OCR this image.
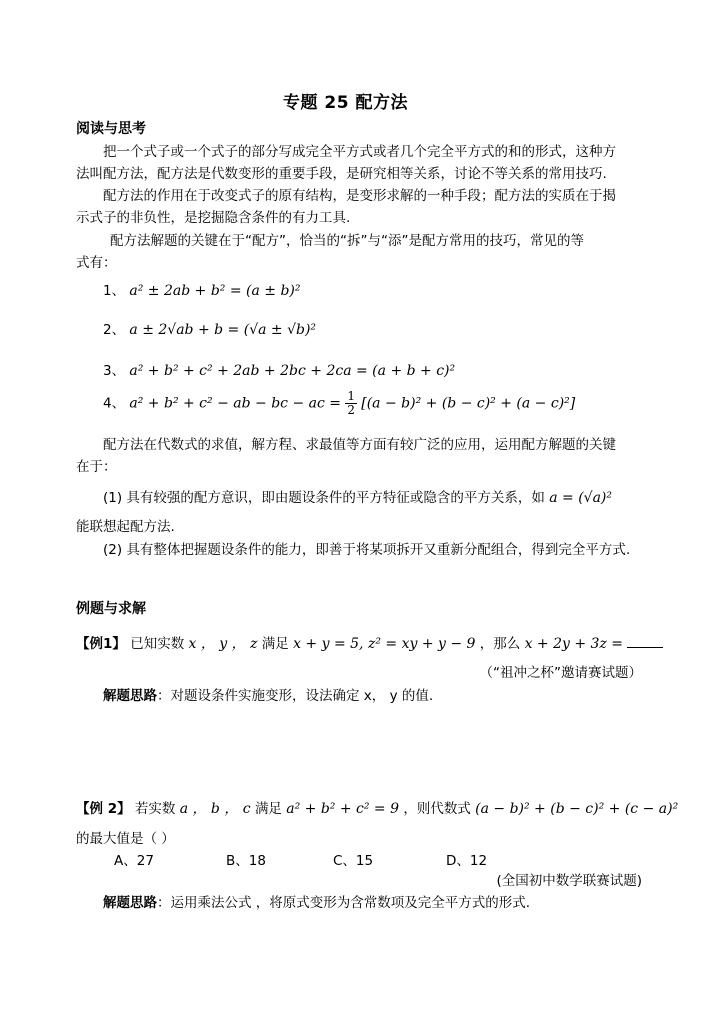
专题 25 配方法
阅读与思考
把一个式子或一个式子的部分写成完全平方式或者几个完全平方式的和的形式，这种方
法叫配方法，配方法是代数变形的重要手段，是研究相等关系，讨论不等关系的常用技巧.
配方法的作用在于改变式子的原有结构，是变形求解的一种手段；配方法的实质在于揭
示式子的非负性，是挖掘隐含条件的有力工具.
配方法解题的关键在于“配方”，恰当的“拆”与“添”是配方常用的技巧，常见的等
式有：
1、 a² ± 2ab + b² = (a ± b)²
2、 a ± 2√ab + b = (√a ± √b)²
3、 a² + b² + c² + 2ab + 2bc + 2ca = (a + b + c)²
4、 a² + b² + c² − ab − bc − ac = $\frac{1}{2} [(a - b)^2 + (b - c)^2 + (a - c)^2]$
配方法在代数式的求值，解方程、求最值等方面有较广泛的应用，运用配方解题的关键
在于：
(1) 具有较强的配方意识，即由题设条件的平方特征或隐含的平方关系，如 a = (√a)²
能联想起配方法.
(2) 具有整体把握题设条件的能力，即善于将某项拆开又重新分配组合，得到完全平方式.
例题与求解
【例1】 已知实数 x ， y ， z 满足 x + y = 5, z² = xy + y − 9 ，那么 x + 2y + 3z =
（“祖冲之杯”邀请赛试题）
解题思路：对题设条件实施变形，设法确定 x， y 的值.
【例 2】 若实数 a ， b ， c 满足 a² + b² + c² = 9 ，则代数式 (a − b)² + (b − c)² + (c − a)²
的最大值是（ ）
A、27	B、18	C、15	D、12
(全国初中数学联赛试题)
解题思路：运用乘法公式 ，将原式变形为含常数项及完全平方式的形式.
